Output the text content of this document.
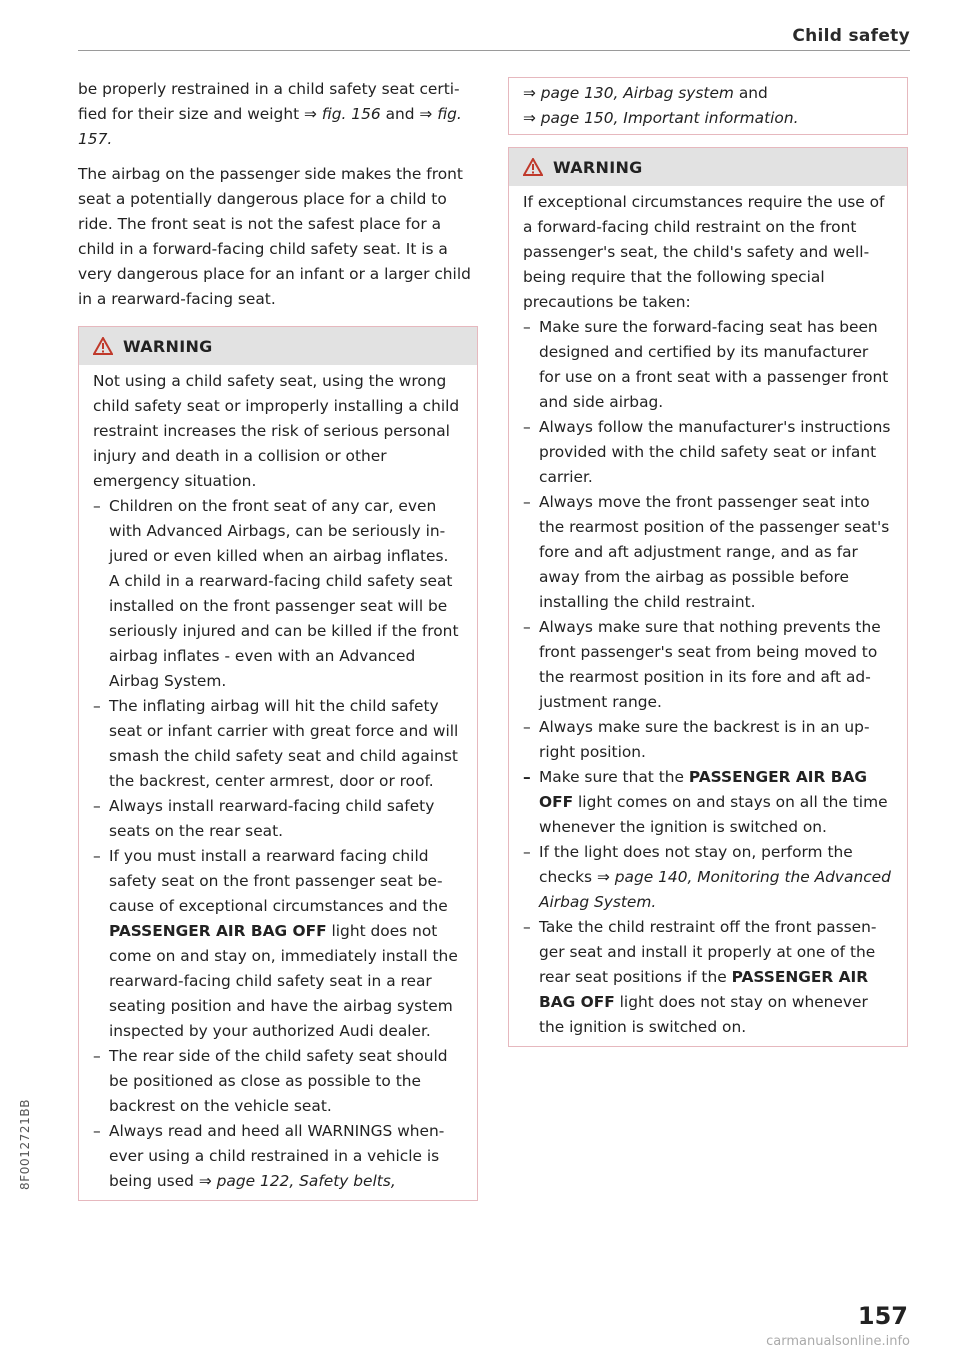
Child safety

be properly restrained in a child safety seat certified for their size and weight ⇒ fig. 156 and ⇒ fig. 157.

The airbag on the passenger side makes the front seat a potentially dangerous place for a child to ride. The front seat is not the safest place for a child in a forward-facing child safety seat. It is a very dangerous place for an infant or a larger child in a rearward-facing seat.

WARNING

Not using a child safety seat, using the wrong child safety seat or improperly installing a child restraint increases the risk of serious personal injury and death in a collision or other emergency situation.

– Children on the front seat of any car, even with Advanced Airbags, can be seriously injured or even killed when an airbag inflates. A child in a rearward-facing child safety seat installed on the front passenger seat will be seriously injured and can be killed if the front airbag inflates - even with an Advanced Airbag System.
– The inflating airbag will hit the child safety seat or infant carrier with great force and will smash the child safety seat and child against the backrest, center armrest, door or roof.
– Always install rearward-facing child safety seats on the rear seat.
– If you must install a rearward facing child safety seat on the front passenger seat because of exceptional circumstances and the PASSENGER AIR BAG OFF light does not come on and stay on, immediately install the rearward-facing child safety seat in a rear seating position and have the airbag system inspected by your authorized Audi dealer.
– The rear side of the child safety seat should be positioned as close as possible to the backrest on the vehicle seat.
– Always read and heed all WARNINGS whenever using a child restrained in a vehicle is being used ⇒ page 122, Safety belts,
⇒ page 130, Airbag system and
⇒ page 150, Important information.
WARNING

If exceptional circumstances require the use of a forward-facing child restraint on the front passenger's seat, the child's safety and well-being require that the following special precautions be taken:

– Make sure the forward-facing seat has been designed and certified by its manufacturer for use on a front seat with a passenger front and side airbag.
– Always follow the manufacturer's instructions provided with the child safety seat or infant carrier.
– Always move the front passenger seat into the rearmost position of the passenger seat's fore and aft adjustment range, and as far away from the airbag as possible before installing the child restraint.
– Always make sure that nothing prevents the front passenger's seat from being moved to the rearmost position in its fore and aft adjustment range.
– Always make sure the backrest is in an upright position.
– Make sure that the PASSENGER AIR BAG OFF light comes on and stays on all the time whenever the ignition is switched on.
– If the light does not stay on, perform the checks ⇒ page 140, Monitoring the Advanced Airbag System.
– Take the child restraint off the front passenger seat and install it properly at one of the rear seat positions if the PASSENGER AIR BAG OFF light does not stay on whenever the ignition is switched on.
8F0012721BB
157
carmanualsonline.info
